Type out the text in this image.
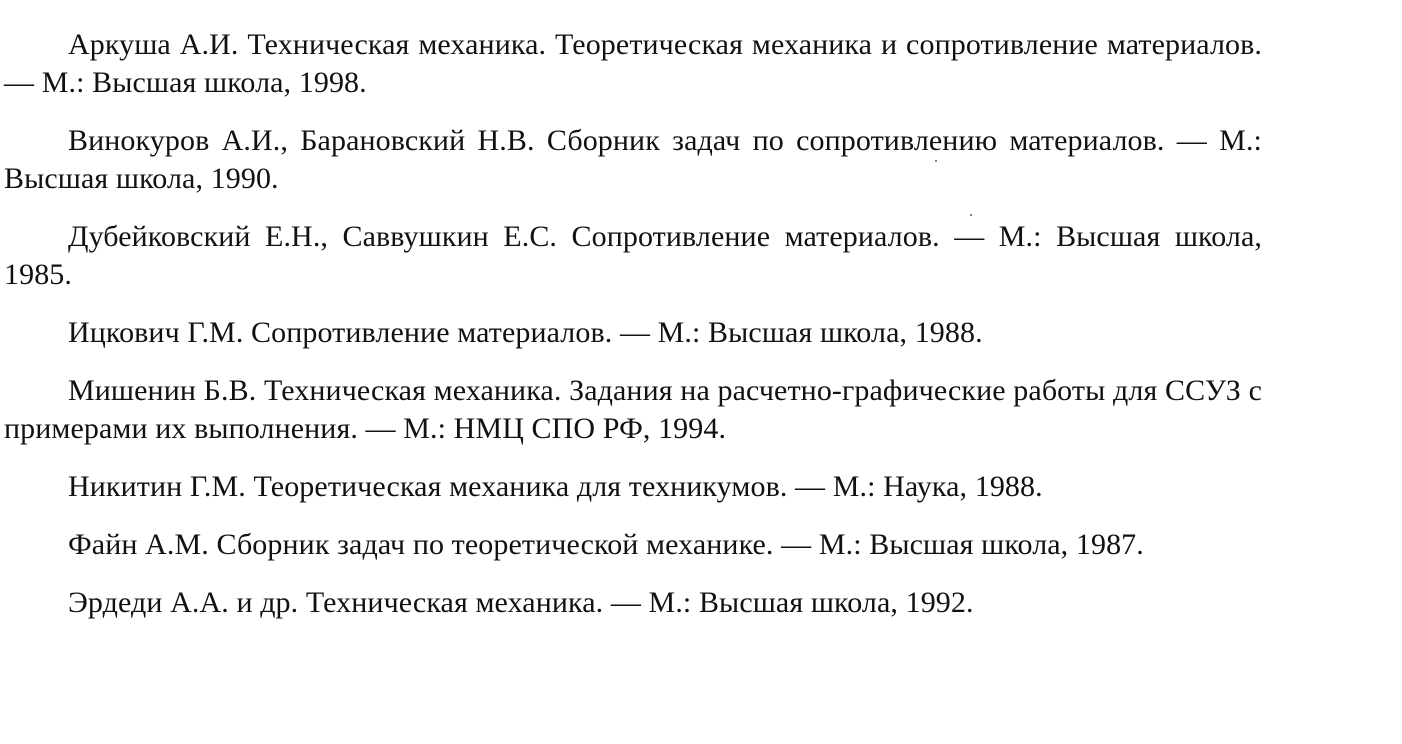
Аркуша А.И. Техническая механика. Теоретическая механика и сопротивление материалов. — М.: Высшая школа, 1998.
Винокуров А.И., Барановский Н.В. Сборник задач по сопротивлению материалов. — М.: Высшая школа, 1990.
Дубейковский Е.Н., Саввушкин Е.С. Сопротивление материалов. — М.: Высшая школа, 1985.
Ицкович Г.М. Сопротивление материалов. — М.: Высшая школа, 1988.
Мишенин Б.В. Техническая механика. Задания на расчетно-графические работы для ССУЗ с примерами их выполнения. — М.: НМЦ СПО РФ, 1994.
Никитин Г.М. Теоретическая механика для техникумов. — М.: Наука, 1988.
Файн А.М. Сборник задач по теоретической механике. — М.: Высшая школа, 1987.
Эрдеди А.А. и др. Техническая механика. — М.: Высшая школа, 1992.
